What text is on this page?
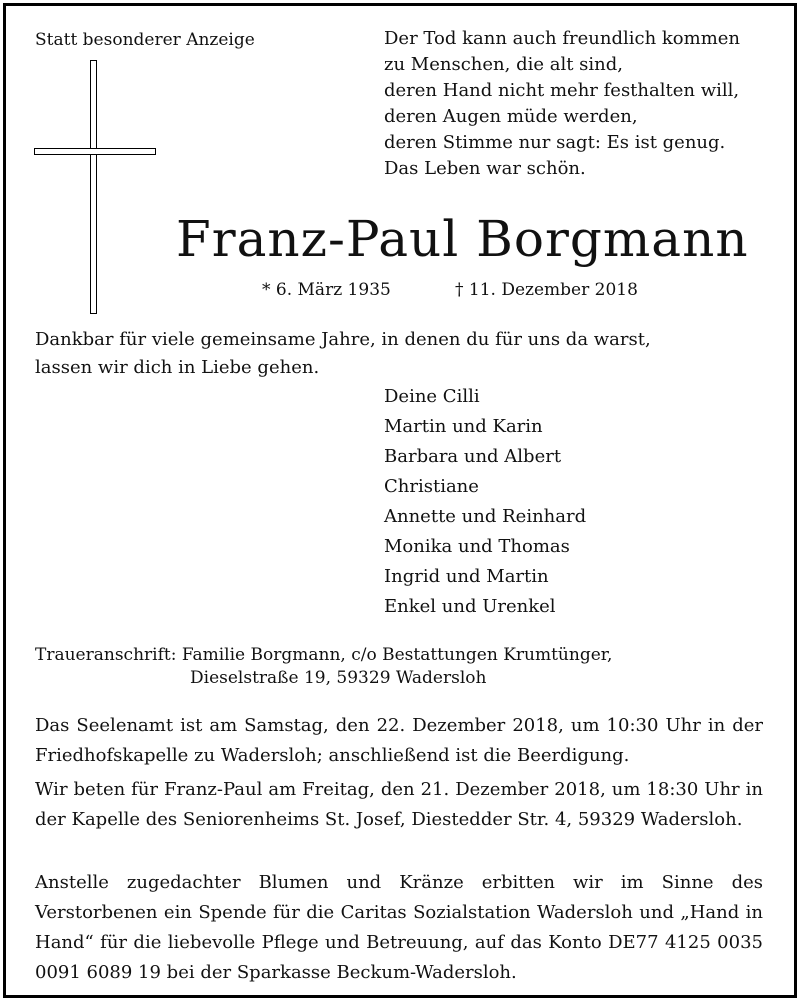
Statt besonderer Anzeige	Der Tod kann auch freundlich kommen
zu Menschen, die alt sind,
deren Hand nicht mehr festhalten will,
deren Augen müde werden,
deren Stimme nur sagt: Es ist genug.
Das Leben war schön.
Franz-Paul Borgmann
* 6. März 1935	† 11. Dezember 2018
Dankbar für viele gemeinsame Jahre, in denen du für uns da warst,
lassen wir dich in Liebe gehen.
Deine Cilli
Martin und Karin
Barbara und Albert
Christiane
Annette und Reinhard
Monika und Thomas
Ingrid und Martin
Enkel und Urenkel
Traueranschrift: Familie Borgmann, c/o Bestattungen Krumtünger,
Dieselstraße 19, 59329 Wadersloh
Das Seelenamt ist am Samstag, den 22. Dezember 2018, um 10:30 Uhr in der Friedhofskapelle zu Wadersloh; anschließend ist die Beerdigung.
Wir beten für Franz-Paul am Freitag, den 21. Dezember 2018, um 18:30 Uhr in der Kapelle des Seniorenheims St. Josef, Diestedder Str. 4, 59329 Wadersloh.
Anstelle zugedachter Blumen und Kränze erbitten wir im Sinne des Verstorbenen ein Spende für die Caritas Sozialstation Wadersloh und „Hand in Hand“ für die liebevolle Pflege und Betreuung, auf das Konto DE77 4125 0035 0091 6089 19 bei der Sparkasse Beckum-Wadersloh.
